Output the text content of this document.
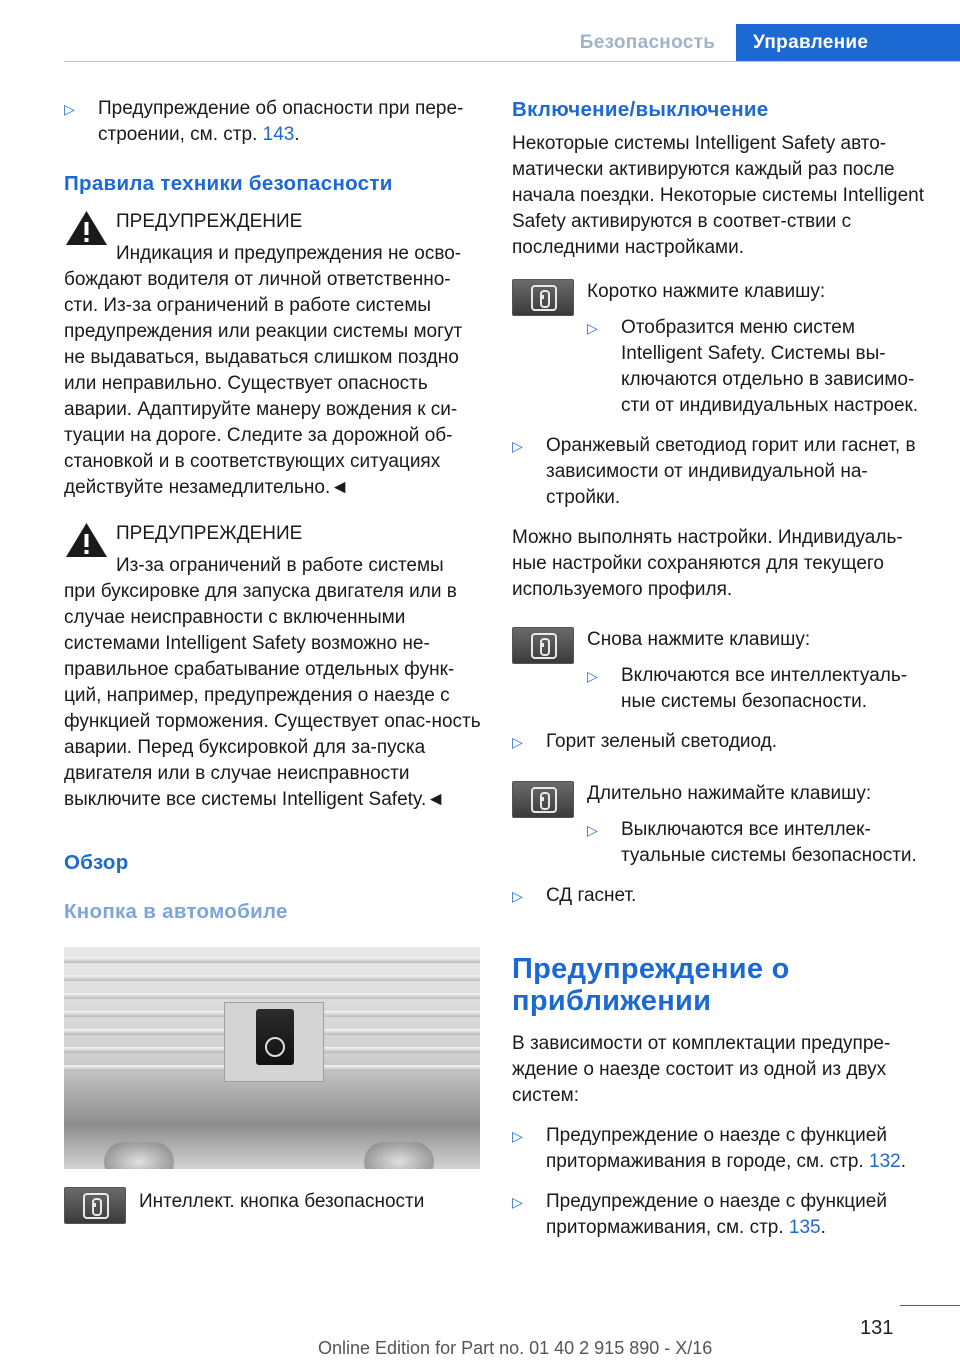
Безопасность	Управление
▷	Предупреждение об опасности при пере-строении, см. стр. 143.
Правила техники безопасности
ПРЕДУПРЕЖДЕНИЕ
Индикация и предупреждения не осво-
бождают водителя от личной ответственно-сти. Из-за ограничений в работе системы предупреждения или реакции системы могут не выдаваться, выдаваться слишком поздно или неправильно. Существует опасность аварии. Адаптируйте манеру вождения к си-туации на дороге. Следите за дорожной об-становкой и в соответствующих ситуациях действуйте незамедлительно.◄
ПРЕДУПРЕЖДЕНИЕ
Из-за ограничений в работе системы
при буксировке для запуска двигателя или в случае неисправности с включенными системами Intelligent Safety возможно не-правильное срабатывание отдельных функ-ций, например, предупреждения о наезде с функцией торможения. Существует опас-ность аварии. Перед буксировкой для за-пуска двигателя или в случае неисправности выключите все системы Intelligent Safety.◄
Обзор
Кнопка в автомобиле
Интеллект. кнопка безопасности
Включение/выключение
Некоторые системы Intelligent Safety авто-матически активируются каждый раз после начала поездки. Некоторые системы Intelligent Safety активируются в соответ-ствии с последними настройками.
Коротко нажмите клавишу:
▷	Отобразится меню систем Intelligent Safety. Системы вы-ключаются отдельно в зависимо-сти от индивидуальных настроек.
▷	Оранжевый светодиод горит или гаснет, в зависимости от индивидуальной на-стройки.
Можно выполнять настройки. Индивидуаль-ные настройки сохраняются для текущего используемого профиля.
Снова нажмите клавишу:
▷	Включаются все интеллектуаль-ные системы безопасности.
▷	Горит зеленый светодиод.
Длительно нажимайте клавишу:
▷	Выключаются все интеллек-туальные системы безопасности.
▷	СД гаснет.
Предупреждение о приближении
В зависимости от комплектации предупре-ждение о наезде состоит из одной из двух систем:
▷	Предупреждение о наезде с функцией притормаживания в городе, см. стр. 132.
▷	Предупреждение о наезде с функцией притормаживания, см. стр. 135.
131
Online Edition for Part no. 01 40 2 915 890 - X/16
